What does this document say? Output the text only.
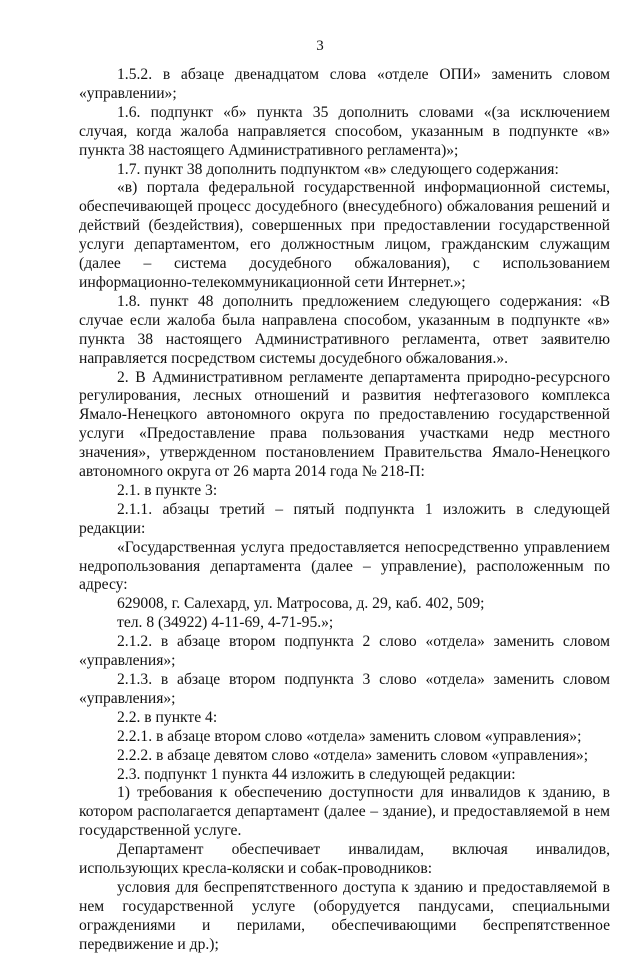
3

1.5.2. в абзаце двенадцатом слова «отделе ОПИ» заменить словом «управлении»;

1.6. подпункт «б» пункта 35 дополнить словами «(за исключением случая, когда жалоба направляется способом, указанным в подпункте «в» пункта 38 настоящего Административного регламента)»;

1.7. пункт 38 дополнить подпунктом «в» следующего содержания:

«в) портала федеральной государственной информационной системы, обеспечивающей процесс досудебного (внесудебного) обжалования решений и действий (бездействия), совершенных при предоставлении государственной услуги департаментом, его должностным лицом, гражданским служащим (далее – система досудебного обжалования), с использованием информационно-телекоммуникационной сети Интернет.»;

1.8. пункт 48 дополнить предложением следующего содержания: «В случае если жалоба была направлена способом, указанным в подпункте «в» пункта 38 настоящего Административного регламента, ответ заявителю направляется посредством системы досудебного обжалования.».

2. В Административном регламенте департамента природно-ресурсного регулирования, лесных отношений и развития нефтегазового комплекса Ямало-Ненецкого автономного округа по предоставлению государственной услуги «Предоставление права пользования участками недр местного значения», утвержденном постановлением Правительства Ямало-Ненецкого автономного округа от 26 марта 2014 года № 218-П:

2.1. в пункте 3:

2.1.1. абзацы третий – пятый подпункта 1 изложить в следующей редакции:

«Государственная услуга предоставляется непосредственно управлением недропользования департамента (далее – управление), расположенным по адресу:

629008, г. Салехард, ул. Матросова, д. 29, каб. 402, 509;

тел. 8 (34922) 4-11-69, 4-71-95.»;

2.1.2. в абзаце втором подпункта 2 слово «отдела» заменить словом «управления»;

2.1.3. в абзаце втором подпункта 3 слово «отдела» заменить словом «управления»;

2.2. в пункте 4:

2.2.1. в абзаце втором слово «отдела» заменить словом «управления»;

2.2.2. в абзаце девятом слово «отдела» заменить словом «управления»;

2.3. подпункт 1 пункта 44 изложить в следующей редакции:

1) требования к обеспечению доступности для инвалидов к зданию, в котором располагается департамент (далее – здание), и предоставляемой в нем государственной услуге.

Департамент обеспечивает инвалидам, включая инвалидов, использующих кресла-коляски и собак-проводников:

условия для беспрепятственного доступа к зданию и предоставляемой в нем государственной услуге (оборудуется пандусами, специальными ограждениями и перилами, обеспечивающими беспрепятственное передвижение и др.);
